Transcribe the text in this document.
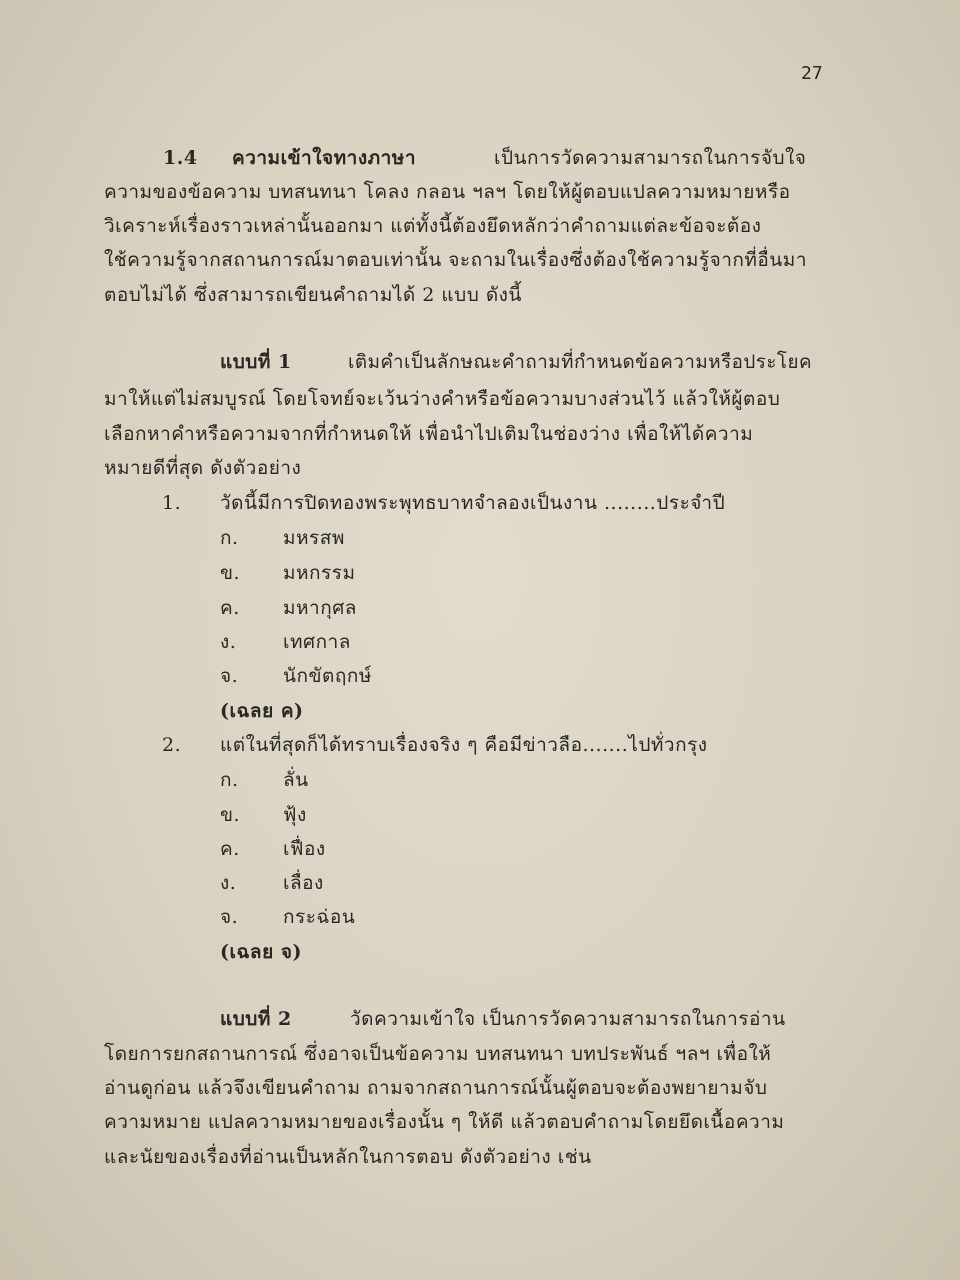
27
1.4 ความเข้าใจทางภาษา	เป็นการวัดความสามารถในการจับใจ
ความของข้อความ บทสนทนา โคลง กลอน ฯลฯ โดยให้ผู้ตอบแปลความหมายหรือ
วิเคราะห์เรื่องราวเหล่านั้นออกมา แต่ทั้งนี้ต้องยึดหลักว่าคำถามแต่ละข้อจะต้อง
ใช้ความรู้จากสถานการณ์มาตอบเท่านั้น จะถามในเรื่องซึ่งต้องใช้ความรู้จากที่อื่นมา
ตอบไม่ได้ ซึ่งสามารถเขียนคำถามได้ 2 แบบ ดังนี้
แบบที่ 1	เติมคำเป็นลักษณะคำถามที่กำหนดข้อความหรือประโยค
มาให้แต่ไม่สมบูรณ์ โดยโจทย์จะเว้นว่างคำหรือข้อความบางส่วนไว้ แล้วให้ผู้ตอบ
เลือกหาคำหรือความจากที่กำหนดให้ เพื่อนำไปเติมในช่องว่าง เพื่อให้ได้ความ
หมายดีที่สุด ดังตัวอย่าง
1. วัดนี้มีการปิดทองพระพุทธบาทจำลองเป็นงาน ........ประจำปี
ก. มหรสพ
ข. มหกรรม
ค. มหากุศล
ง. เทศกาล
จ. นักขัตฤกษ์
(เฉลย ค)
2. แต่ในที่สุดก็ได้ทราบเรื่องจริง ๆ คือมีข่าวลือ.......ไปทั่วกรุง
ก. ลั่น
ข. ฟุ้ง
ค. เฟื่อง
ง. เลื่อง
จ. กระฉ่อน
(เฉลย จ)
แบบที่ 2	วัดความเข้าใจ เป็นการวัดความสามารถในการอ่าน
โดยการยกสถานการณ์ ซึ่งอาจเป็นข้อความ บทสนทนา บทประพันธ์ ฯลฯ เพื่อให้
อ่านดูก่อน แล้วจึงเขียนคำถาม ถามจากสถานการณ์นั้นผู้ตอบจะต้องพยายามจับ
ความหมาย แปลความหมายของเรื่องนั้น ๆ ให้ดี แล้วตอบคำถามโดยยึดเนื้อความ
และนัยของเรื่องที่อ่านเป็นหลักในการตอบ ดังตัวอย่าง เช่น
